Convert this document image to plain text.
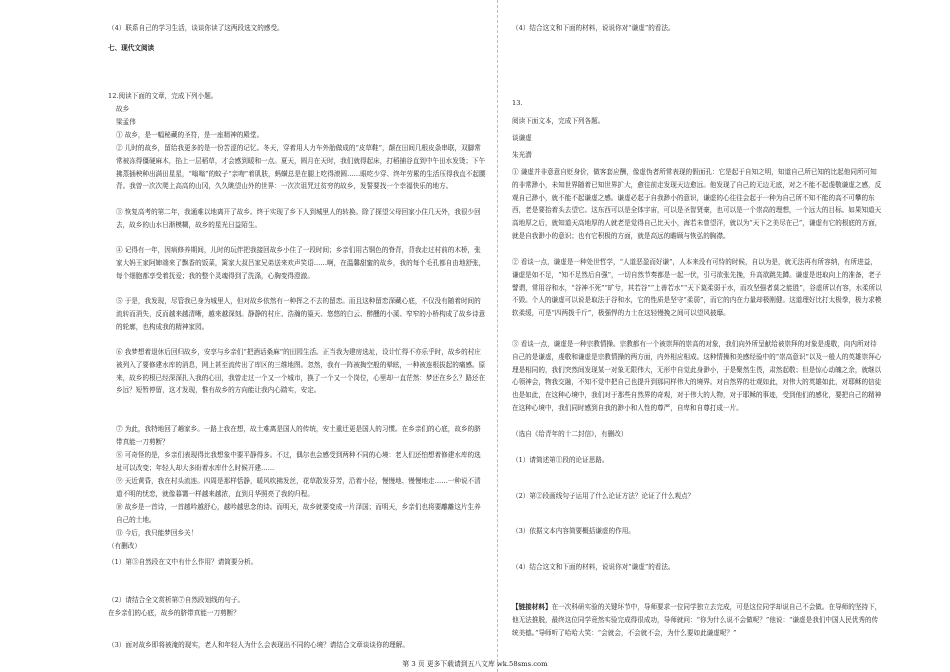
（4）联系自己的学习生活，谈谈你读了这两段选文的感受。

七、现代文阅读

12.阅读下面的文章，完成下列小题。

故乡

梁孟伟

① 故乡，是一幅秘藏的圣符，是一座精神的殿堂。

② 儿时的故乡，留给我更多的是一份苦涩的记忆。冬天，穿着用人力车外胎做成的“皮草鞋”，颠在田间几根皮条串联，双脚常常被冻得僵硬麻木，掐上一层稻草，才会感到暖和一点。夏天，圆月在天时，我们就得起床，打稻捕谷直到中午田水发烫；下午拂蒸插秧种出满田星星，“嗡嗡”的蚊子“亲吻”着肌肤，蚂蟥总是在腿上吃得滚圆……眼吃少穿、终年劳累的生活压得我直不起腰背。我曾一次次爬上高高的山冈，久久眺望山外的世界：一次次诅咒过贫穷的故乡，发誓要找一个幸福快乐的地方。

③ 恢复高考的第二年，我通难以地离开了故乡。终于实现了乡下人到城里人的转换。除了探望父母回家小住几天外，我很少回去，故乡的山水日渐模糊，故乡的星光日益陌生。

④ 记得有一年，因病修养期间，儿时的玩伴把我接回故乡小住了一段时间；乡亲们用古铜色的脊背，背我走过村前的木桥，张家大妈王家阿婶端来了飘香的饭菜，篱家大叔吕家兄弟送来欢声笑语……啊，在温馨甜蜜的故乡，我的每个毛孔都自由地舒张，每个细胞都享受着抚爱；我的整个灵魂得到了洗涤，心胸变得澄澈。

⑤ 于是，我发现，尽管我已身为城里人，但对故乡依然有一种挥之不去的留恋。而且这种留恋深藏心底，不仅没有随着时间的流转而消失，反而越来越清晰，越来越深刻。静静的村庄、浩瀚的篁天、悠悠的白云、醉醺的小溪、窄窄的小桥构成了故乡诗意的轮廓，也构成我的精神家园。

⑥ 我梦想着退休后回归故乡，安享与乡亲们“把酒话桑麻”的田园生活。正当我为建房选址，设计忙得不亦乐乎时，故乡的村庄被列入了要修建水库的消息，网上甚至流传出了库区的三维地图。忽然，我有一阵被掏空般的晕眩，一种被连根拔起的痛感。原来，故乡的根已经深深扎入我的心田，我曾走过一个又一个城市，换了一个又一个岗位，心里却一直茫然：梦还在乡么？路还在乡远？短暂停留，这才发现，惟有故乡的方向能让我内心踏实，安定。

⑦ 为此，我特地回了趟家乡。一路上我在想，故土难离是国人的传统，安土重迁更是国人的习惯。在乡亲们的心底，故乡的脐带真能一刀剪断？

⑧ 可奇怪的是，乡亲们表现得比我想象中要平静得多。不过，偶尔也会感受到两种不同的心境：老人们还怕想着修建水库的选址可以改变；年轻人却大多盼着水库什么时候开建……

⑨ 天近黄昏，我在村头流连。四周是那样恬静，暖风吹拂发丝，花草散发芬芳，沿着小径，慢慢地、慢慢地走……一种说不清道不明的忧恋，就像暮霭一样越来越浓，直到月华照亮了我的归程。

⑩ 故乡是一首诗，一首越吟越舒心，越吟越思念的诗。而明天，故乡就要变成一片泽国；而明天，乡亲们也将要離離这片生养自己的土地。

⑪ 今后，我只能梦回乡关！

（有删改）

（1）第③自然段在文中有什么作用？请简要分析。

（2）请结合全文赏析第⑦自然段划线的句子。

在乡亲们的心底，故乡的脐带真能一刀剪断？

（3）面对故乡即将被淹的现实，老人和年轻人为什么会表现出不同的心境？请结合文章谈谈你的理解。

（4）结合这文和下面的材料，说说你对“谦虚”的看法。

13.

阅读下面文本，完成下列各题。

谈谦虚

朱光潜

① 谦虚并非意意自贬身价，做客套应酬，像虚伪者所常表现的假面孔：它是起于自知之明，知道自己所已知的比起他同所可知的非常渺小，未知世界随着已知世界扩大，愈往前走发现天边愈远。他发现了自己的无边无底，对之不能不起虔敬谦虚之感，反观自己渺小，就不能不起谦虚之感。谦虚必起于自我渺小的意识，谦虚的心往往会起于一种为自己所不知不能的高不可攀的东西，老是要抬着头去望它。这东西可以是全体宇宙，可以是圣智贤豪，也可以是一个崇高的理想，一个远大的目标。如果知道天高地厚之后，就知道天高地厚的人就老是觉得自己比天小，海若未曾望洋，就以为“天下之美尽在己”，谦虚有它的根底的方面，就是自我渺小的意识；也有它积极的方面，就是高远的瞻顾与恢弘的胸襟。

② 看谈一点，谦虚是一种处世哲学，“人道恶盈而好谦”，人本来没有可恃的时候，自以为是，就无法再有所容纳，有所进益，谦虚是如不足，“知不足然后自强”，一切自然节奏都是一起一伏，引弓欲张先挽，升高欲跳先蹲。谦虚是进取向上的准备，老子譬谓，常用谷和水，“谷神不死”“旷兮，其若谷”“上善若水”“天下莫柔弱于水，而攻坚强者莫之能胜”，谷虚所以有容，水柔所以不毁。个人的谦虚可以说是取法于谷和水，它的性质是坚守“柔弱”，而它的内在力量却极刚健。这道理好比打太极拳，极力求模软柔缓，可是“四两拨千斤”，极强悍的力士在这轻慢挽之间可以望风披靡。

③ 看谈一点，谦虚是一种宗教情操。宗教都有一个被崇拜的崇高的对象，我们向外所呈献给被崇拜的对象是虔敬，向内所对待自己的是谦虚，虔敬和谦虚是宗教情操的两方面，内外相应相成。这种情操和美感经验中的“崇高意识”以及一般人的英雄崇拜心理是相同的，我们突然间发现某一对象无限伟大，无形中自觉此身渺小，于是聚然生畏，肃然起敬；但是惊心动魄之余，就继以心领神会，物我交融，不知不觉中把自己也提升到那同样伟大的境界。对自然界的壮观如此，对伟大的英雄如此，对耶稣的信徒也是如此，在这种心境中，我们对于那些自然界的奇观，对于伟大的人物，对于耶稣的事迹，受到他们的感化，要把自己的精神

在这种心境中，我们同时感到自我的渺小和人性的尊严，自卑和自尊打成一片。

（选自《给青年的十二封信》，有删改）

（1）请简述第①段的论证思路。

（2）第②段画线句子运用了什么论证方法？论证了什么观点？

（3）依据文本内容简要概括谦虚的作用。

（4）结合这文和下面的材料，说说你对“谦虚”的看法。

【链接材料】在一次科研实验的关键环节中，导师要求一位同学独立去完成，可是这位同学却说自己不会做。在导师的坚持下，他无法推脱，最终这位同学竟然实验完成得很成功，导师就问：“你为什么说不会做呢？”他说：“谦虚是我们中国人民优秀的传统美德。”导师听了哈哈大笑：“会就会，不会就不会，为什么要如此谦虚呢？”

第 3 页 更多下载请到五八文库 wk.58sms.com
